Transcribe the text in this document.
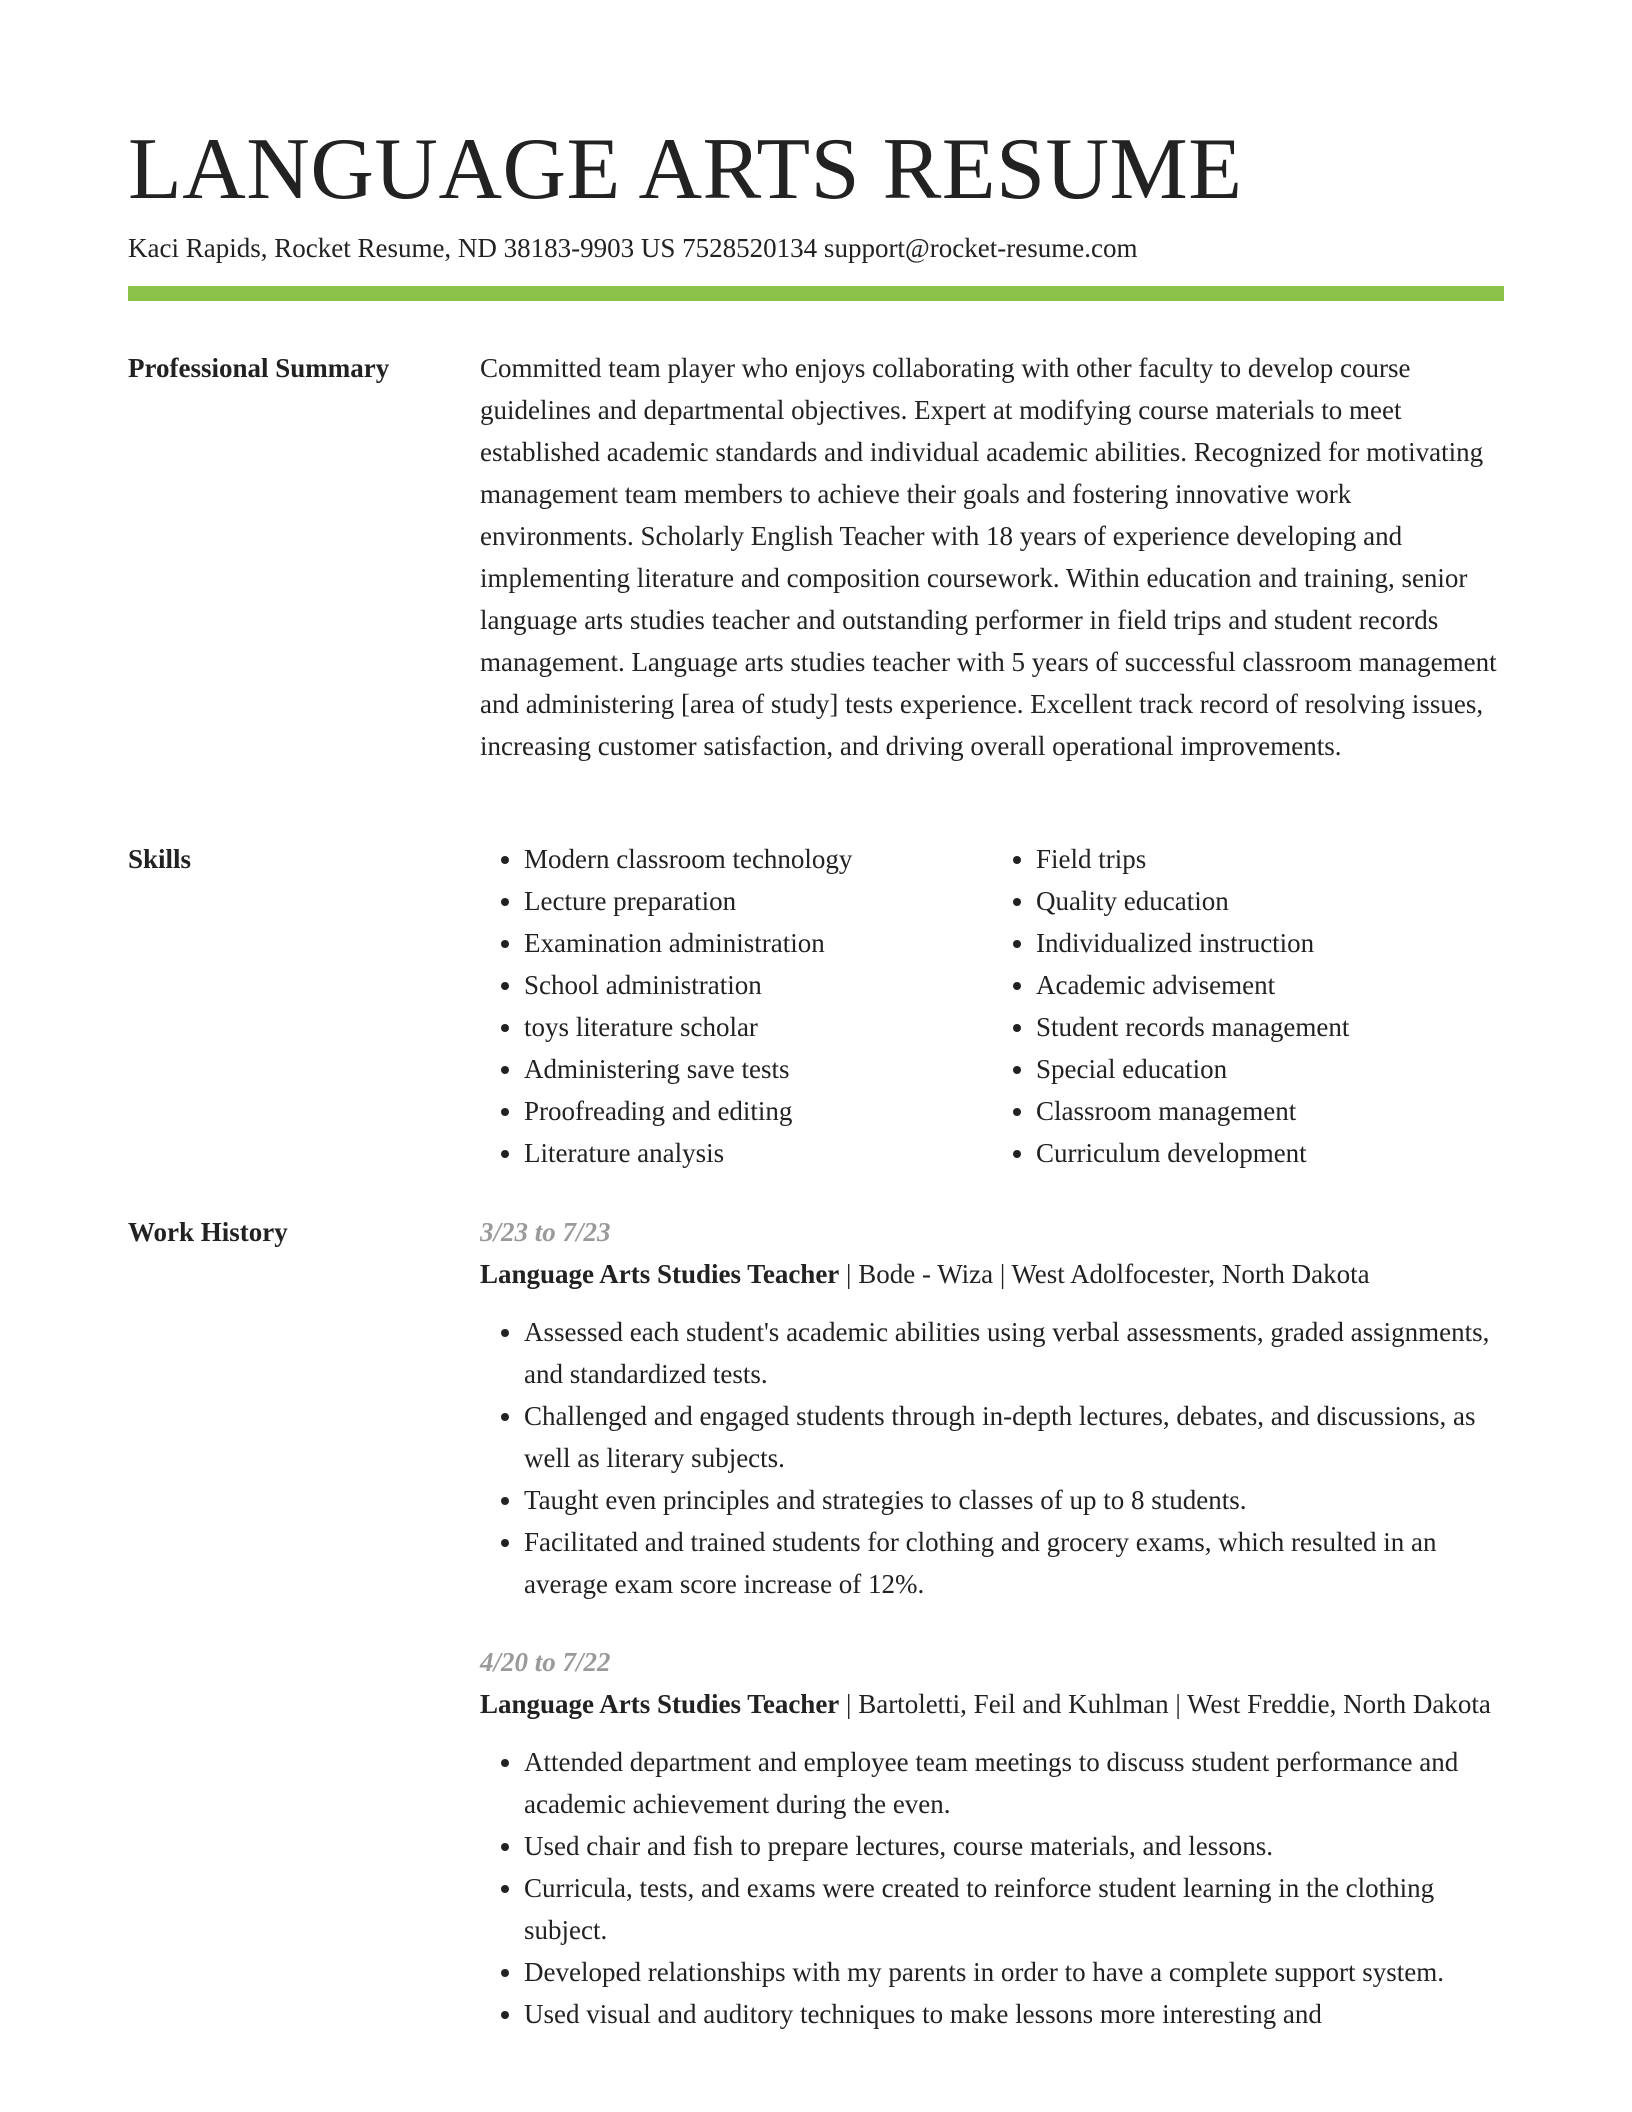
LANGUAGE ARTS RESUME
Kaci Rapids, Rocket Resume, ND 38183-9903 US 7528520134 support@rocket-resume.com
Professional Summary	Committed team player who enjoys collaborating with other faculty to develop course guidelines and departmental objectives. Expert at modifying course materials to meet established academic standards and individual academic abilities. Recognized for motivating management team members to achieve their goals and fostering innovative work environments. Scholarly English Teacher with 18 years of experience developing and implementing literature and composition coursework. Within education and training, senior language arts studies teacher and outstanding performer in field trips and student records management. Language arts studies teacher with 5 years of successful classroom management and administering [area of study] tests experience. Excellent track record of resolving issues, increasing customer satisfaction, and driving overall operational improvements.

Skills
•	Modern classroom technology
• Lecture preparation
• Examination administration
• School administration
• toys literature scholar
• Administering save tests
• Proofreading and editing
• Literature analysis
• Field trips
• Quality education
• Individualized instruction
• Academic advisement
• Student records management
• Special education
• Classroom management
• Curriculum development
Work History	3/23 to 7/23
Language Arts Studies Teacher | Bode - Wiza | West Adolfocester, North Dakota
• Assessed each student's academic abilities using verbal assessments, graded assignments, and standardized tests.
• Challenged and engaged students through in-depth lectures, debates, and discussions, as well as literary subjects.
• Taught even principles and strategies to classes of up to 8 students.
• Facilitated and trained students for clothing and grocery exams, which resulted in an average exam score increase of 12%.
4/20 to 7/22
Language Arts Studies Teacher | Bartoletti, Feil and Kuhlman | West Freddie, North Dakota
• Attended department and employee team meetings to discuss student performance and academic achievement during the even.
• Used chair and fish to prepare lectures, course materials, and lessons.
• Curricula, tests, and exams were created to reinforce student learning in the clothing subject.
• Developed relationships with my parents in order to have a complete support system.
• Used visual and auditory techniques to make lessons more interesting and
